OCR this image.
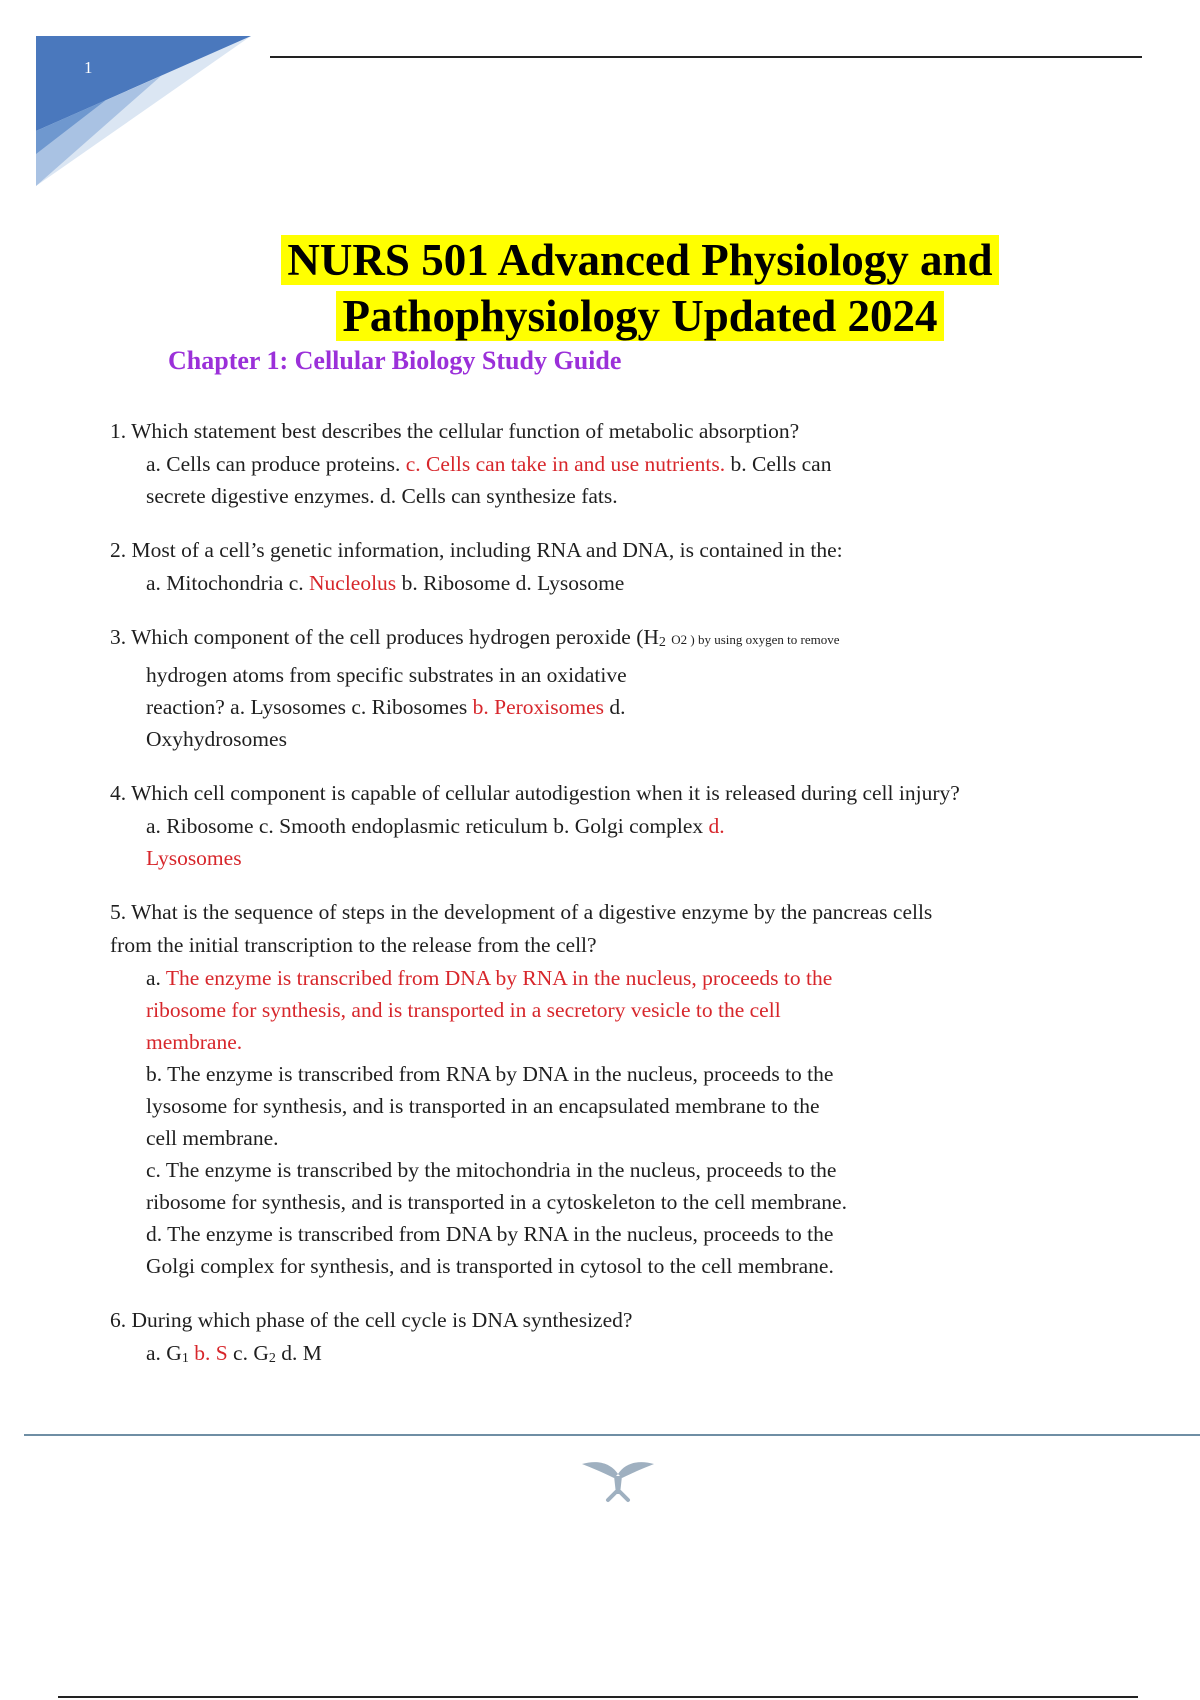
1
NURS 501 Advanced Physiology and
Pathophysiology Updated 2024
Chapter 1: Cellular Biology Study Guide
1. Which statement best describes the cellular function of metabolic absorption?
a. Cells can produce proteins. c. Cells can take in and use nutrients. b. Cells can
secrete digestive enzymes. d. Cells can synthesize fats.
2. Most of a cell’s genetic information, including RNA and DNA, is contained in the:
a. Mitochondria c. Nucleolus b. Ribosome d. Lysosome
3. Which component of the cell produces hydrogen peroxide ($H_2$ O2 ) by using oxygen to remove
hydrogen atoms from specific substrates in an oxidative
reaction? a. Lysosomes c. Ribosomes b. Peroxisomes d.
Oxyhydrosomes
4. Which cell component is capable of cellular autodigestion when it is released during cell injury?
a. Ribosome c. Smooth endoplasmic reticulum b. Golgi complex d.
Lysosomes
5. What is the sequence of steps in the development of a digestive enzyme by the pancreas cells
from the initial transcription to the release from the cell?
a. The enzyme is transcribed from DNA by RNA in the nucleus, proceeds to the
ribosome for synthesis, and is transported in a secretory vesicle to the cell
membrane.
b. The enzyme is transcribed from RNA by DNA in the nucleus, proceeds to the
lysosome for synthesis, and is transported in an encapsulated membrane to the
cell membrane.
c. The enzyme is transcribed by the mitochondria in the nucleus, proceeds to the
ribosome for synthesis, and is transported in a cytoskeleton to the cell membrane.
d. The enzyme is transcribed from DNA by RNA in the nucleus, proceeds to the
Golgi complex for synthesis, and is transported in cytosol to the cell membrane.
6. During which phase of the cell cycle is DNA synthesized?
a. $G_1$ b. S c. $G_2$ d. M
